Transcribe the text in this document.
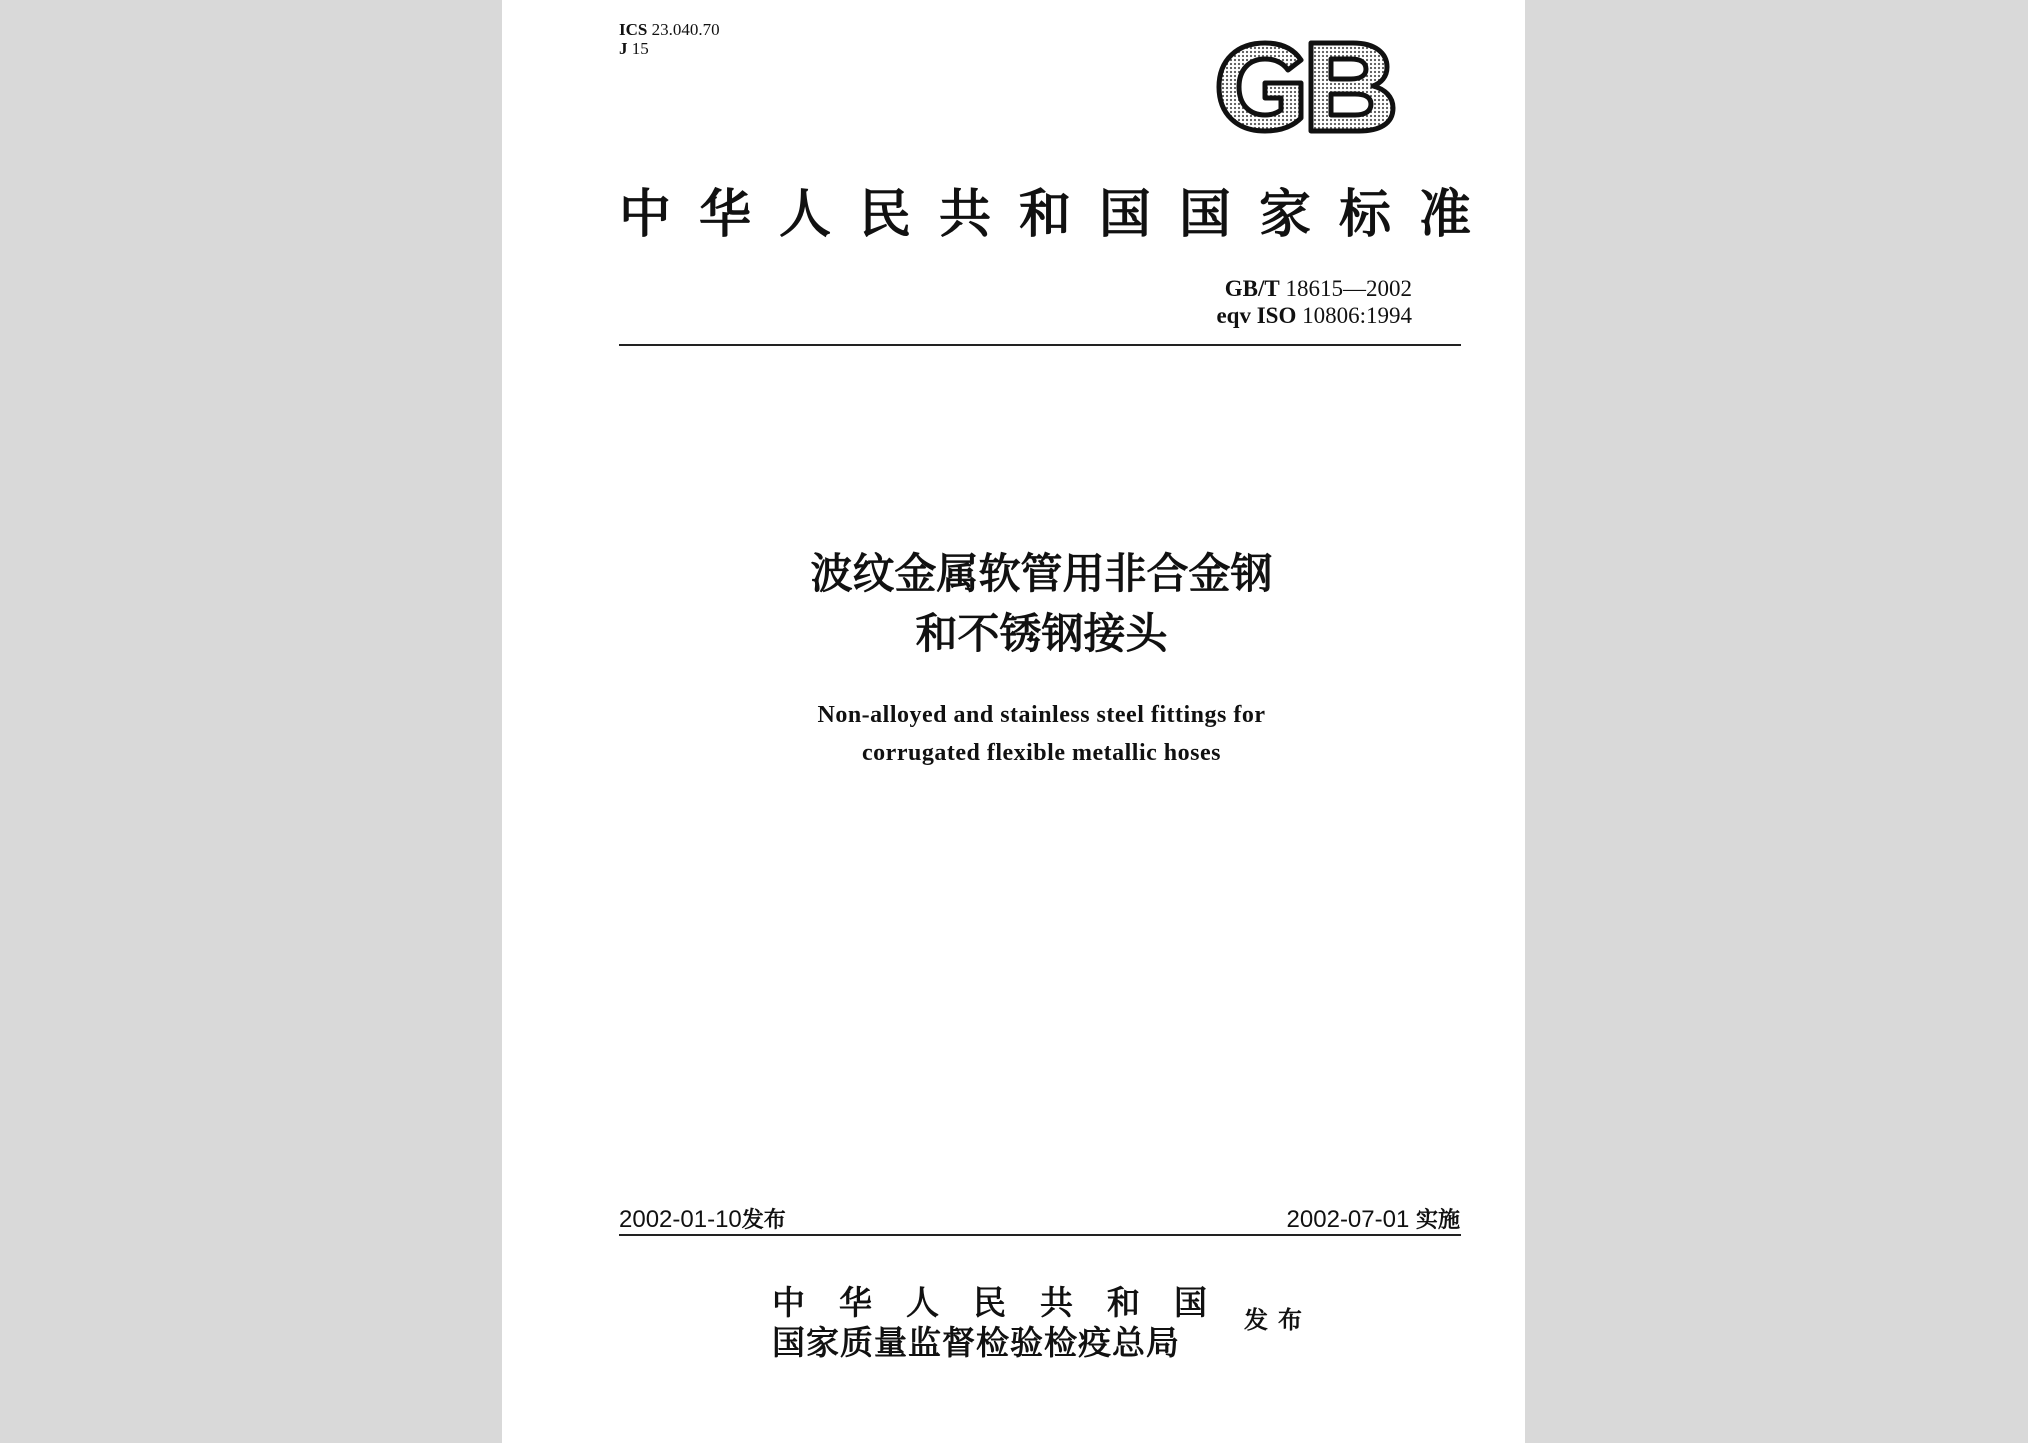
ICS 23.040.70
J 15
中华人民共和国国家标准
GB/T 18615—2002
eqv ISO 10806:1994
波纹金属软管用非合金钢
和不锈钢接头
Non-alloyed and stainless steel fittings for
corrugated flexible metallic hoses
2002-01-10发布	2002-07-01 实施
中华人民共和国
国家质量监督检验检疫总局
发布
